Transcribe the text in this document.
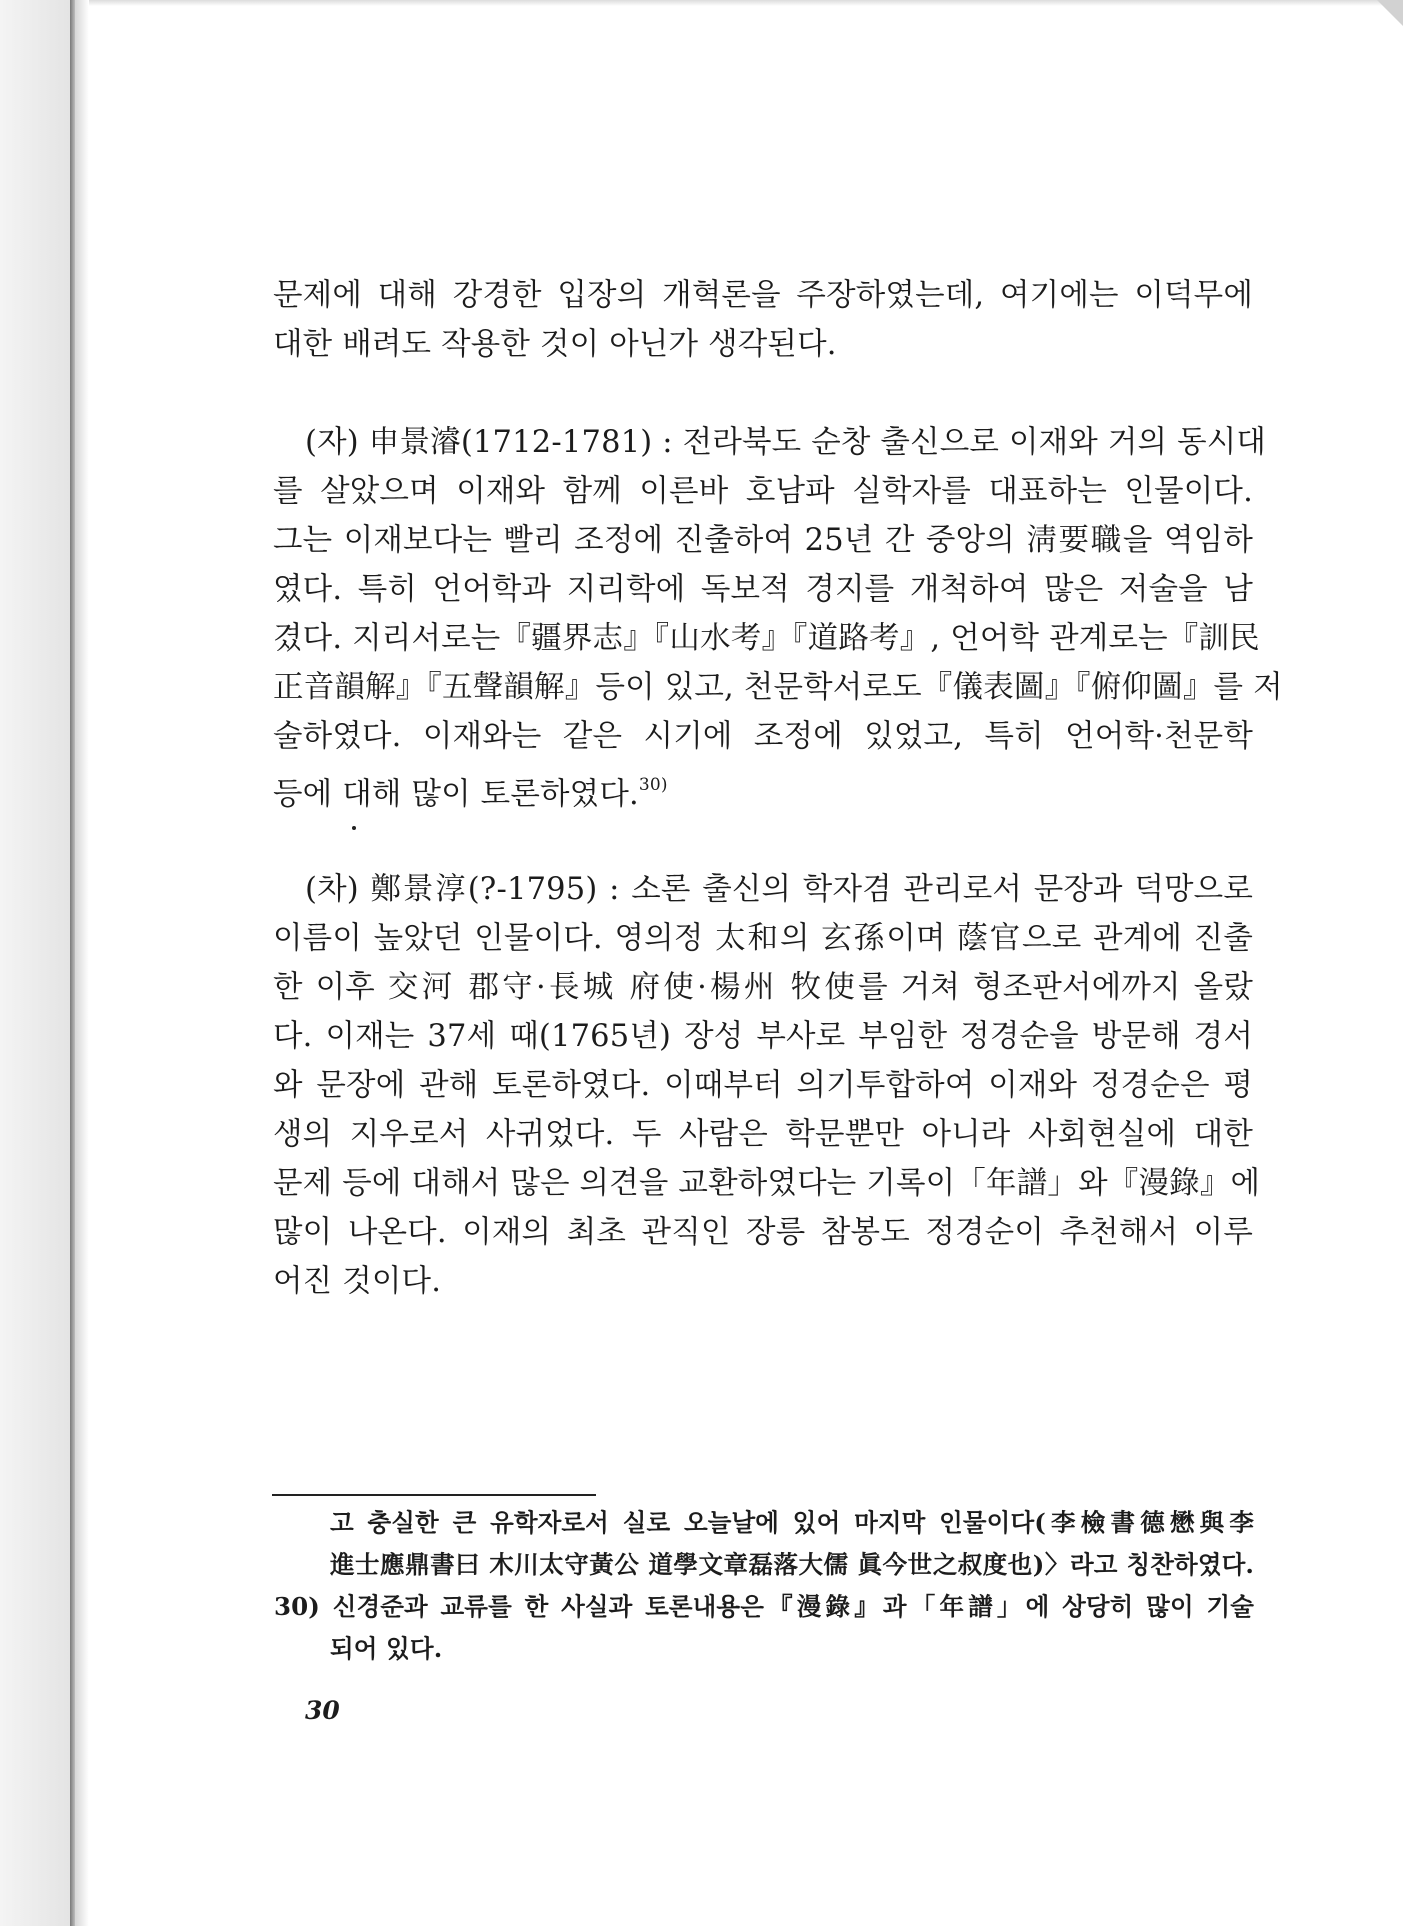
문제에 대해 강경한 입장의 개혁론을 주장하였는데, 여기에는 이덕무에
대한 배려도 작용한 것이 아닌가 생각된다.
(자) 申景濬(1712-1781) : 전라북도 순창 출신으로 이재와 거의 동시대
를 살았으며 이재와 함께 이른바 호남파 실학자를 대표하는 인물이다.
그는 이재보다는 빨리 조정에 진출하여 25년 간 중앙의 淸要職을 역임하
였다. 특히 언어학과 지리학에 독보적 경지를 개척하여 많은 저술을 남
겼다. 지리서로는『疆界志』『山水考』『道路考』, 언어학 관계로는『訓民
正音韻解』『五聲韻解』등이 있고, 천문학서로도『儀表圖』『俯仰圖』를 저
술하였다. 이재와는 같은 시기에 조정에 있었고, 특히 언어학·천문학
등에 대해 많이 토론하였다.$^{30)}$
(차) 鄭景淳(?-1795) : 소론 출신의 학자겸 관리로서 문장과 덕망으로
이름이 높았던 인물이다. 영의정 太和의 玄孫이며 蔭官으로 관계에 진출
한 이후 交河 郡守·長城 府使·楊州 牧使를 거쳐 형조판서에까지 올랐
다. 이재는 37세 때(1765년) 장성 부사로 부임한 정경순을 방문해 경서
와 문장에 관해 토론하였다. 이때부터 의기투합하여 이재와 정경순은 평
생의 지우로서 사귀었다. 두 사람은 학문뿐만 아니라 사회현실에 대한
문제 등에 대해서 많은 의견을 교환하였다는 기록이「年譜」와『漫錄』에
많이 나온다. 이재의 최초 관직인 장릉 참봉도 정경순이 추천해서 이루
어진 것이다.
고 충실한 큰 유학자로서 실로 오늘날에 있어 마지막 인물이다(李檢書德懋與李
進士應鼎書曰 木川太守黃公 道學文章磊落大儒 眞今世之叔度也)〉라고 칭찬하였다.
30) 신경준과 교류를 한 사실과 토론내용은『漫錄』과「年譜」에 상당히 많이 기술
되어 있다.
30
